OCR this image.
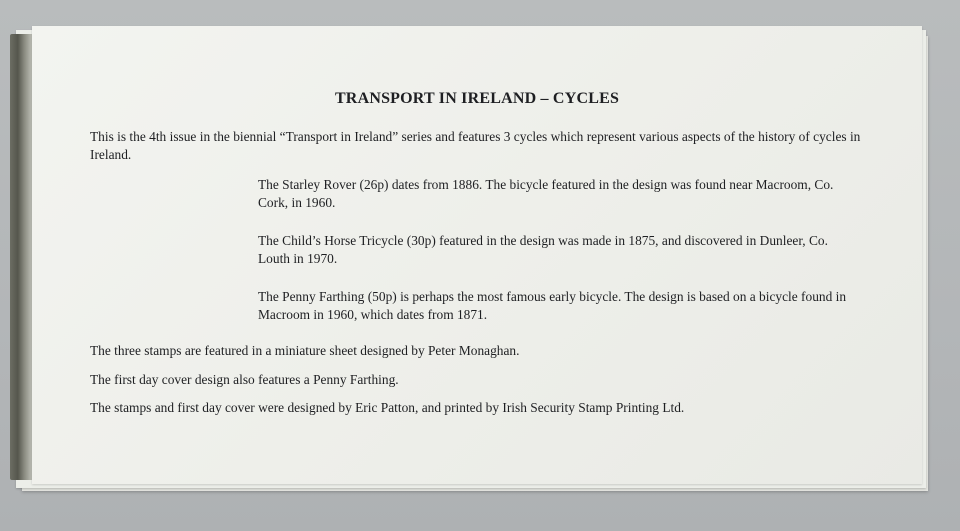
TRANSPORT IN IRELAND – CYCLES

This is the 4th issue in the biennial “Transport in Ireland” series and features 3 cycles which represent various aspects of the history of cycles in Ireland.

The Starley Rover (26p) dates from 1886. The bicycle featured in the design was found near Macroom, Co. Cork, in 1960.

The Child’s Horse Tricycle (30p) featured in the design was made in 1875, and discovered in Dunleer, Co. Louth in 1970.

The Penny Farthing (50p) is perhaps the most famous early bicycle. The design is based on a bicycle found in Macroom in 1960, which dates from 1871.

The three stamps are featured in a miniature sheet designed by Peter Monaghan.

The first day cover design also features a Penny Farthing.

The stamps and first day cover were designed by Eric Patton, and printed by Irish Security Stamp Printing Ltd.
